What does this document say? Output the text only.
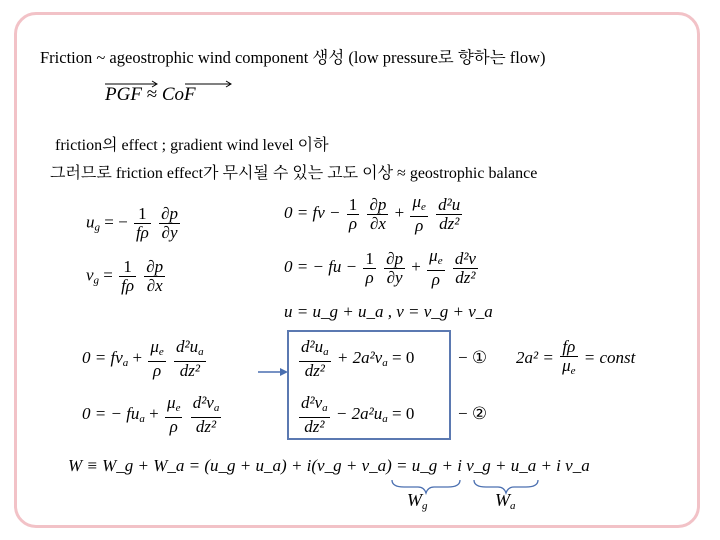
Friction ~ ageostrophic wind component 생성 (low pressure로 향하는 flow)
PGF ≈ CoF
friction의 effect ; gradient wind level 이하
그러므로 friction effect가 무시될 수 있는 고도 이상 ≈ geostrophic balance
$u_g$ = − $\frac{1}{f\rho}$
$\frac{\partial p}{\partial y}$
$v_g = \frac{1}{f\rho}$
$\frac{\partial p}{\partial x}$
0 = fv − $\frac{1}{\rho}$
$\frac{\partial p}{\partial x} + \frac{\mu_e}{\rho}$
$\frac{\text{d²u}}{\text{dz²}}$
0 = − fu − $\frac{1}{\rho}$
$\frac{\partial p}{\partial y} + \frac{\mu_e}{\rho}$
$\frac{\text{d²v}}{\text{dz²}}$
u = u_g + u_a , v = v_g + v_a
$0 = fv_a + \frac{\mu_e}{\rho}$
$\frac{d^2u_a}{\text{dz²}}$
0 = − $fu_a + \frac{\mu_e}{\rho}$
$\frac{d^2v_a}{\text{dz²}}$
$\frac{d^2u_a}{\text{dz²}} + 2a^2v_a = 0$
$\frac{d^2v_a}{\text{dz²}} - 2a^2u_a = 0$
− ①
− ②
$2a^2 = \frac{f\rho}{\mu_e}$ = const
W ≡ W_g + W_a = (u_g + u_a) + i(v_g + v_a) = u_g + i v_g + u_a + i v_a
$W_g$	$W_a$
